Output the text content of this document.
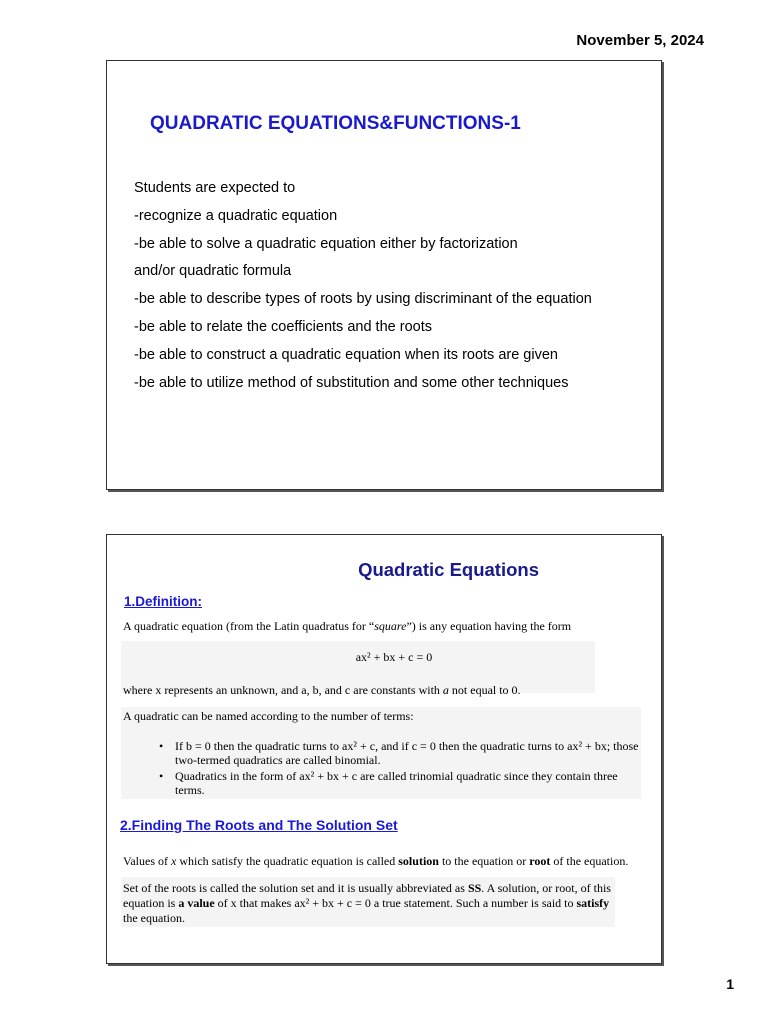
November 5, 2024
QUADRATIC EQUATIONS&FUNCTIONS-1
Students are expected to
-recognize a quadratic equation
-be able to solve a quadratic equation either by factorization
and/or quadratic formula
-be able to describe types of roots by using discriminant of the equation
-be able to relate the coefficients and the roots
-be able to construct a quadratic equation when its roots are given
-be able to utilize method of substitution and some other techniques
Quadratic Equations
1.Definition:
A quadratic equation (from the Latin quadratus for “square”) is any equation having the form
ax² + bx + c = 0
where x represents an unknown, and a, b, and c are constants with a not equal to 0.
A quadratic can be named according to the number of terms:
• If b = 0 then the quadratic turns to ax² + c, and if c = 0 then the quadratic turns to ax² + bx; those two-termed quadratics are called binomial.
• Quadratics in the form of ax² + bx + c are called trinomial quadratic since they contain three terms.
2.Finding The Roots and The Solution Set
Values of x which satisfy the quadratic equation is called solution to the equation or root of the equation.
Set of the roots is called the solution set and it is usually abbreviated as SS. A solution, or root, of this equation is a value of x that makes ax² + bx + c = 0 a true statement. Such a number is said to satisfy the equation.
1
